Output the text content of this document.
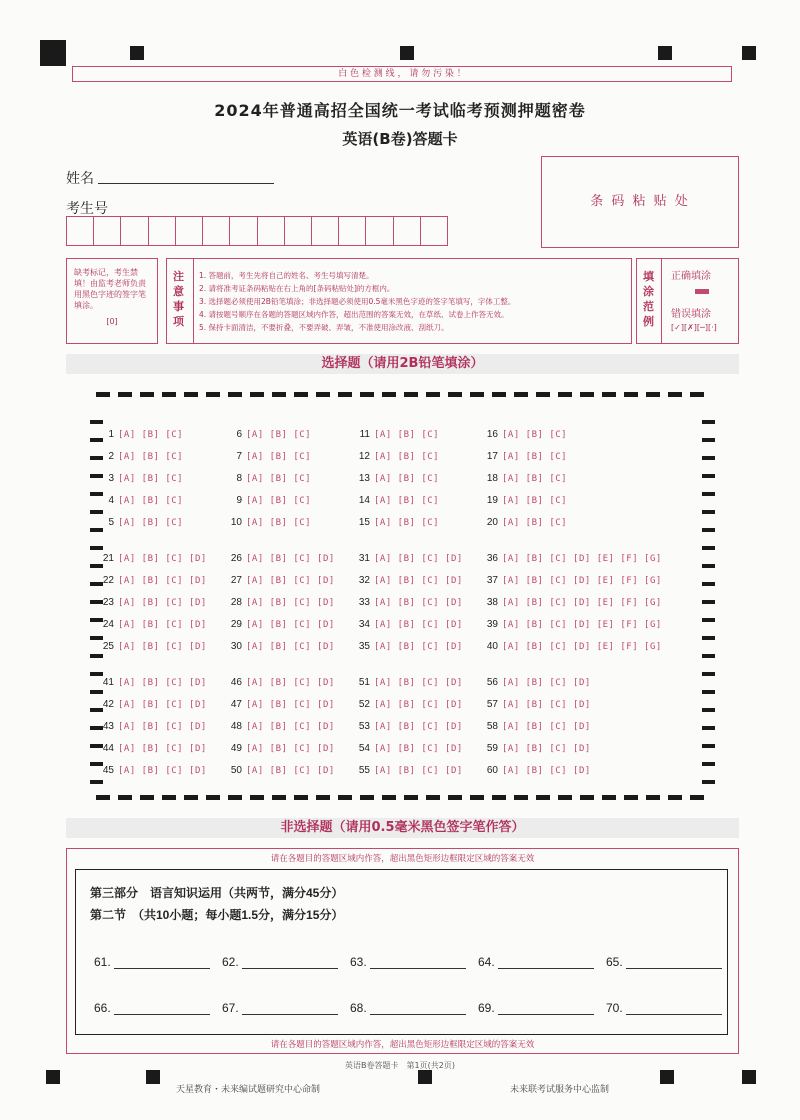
白 色 检 测 线 ， 请 勿 污 染 ！
2024年普通高招全国统一考试临考预测押题密卷
英语(B卷)答题卡
姓名
考生号	条 码 粘 贴 处
缺考标记，考生禁填！由监考老师负责用黑色字迹的签字笔填涂。
[0]
注意事项
1. 答题前，考生先将自己的姓名、考生号填写清楚。
2. 请将准考证条码粘贴在右上角的[条码粘贴处]的方框内。
3. 选择题必须使用2B铅笔填涂；非选择题必须使用0.5毫米黑色字迹的签字笔填写，字体工整。
4. 请按题号顺序在各题的答题区域内作答，超出范围的答案无效，在草纸、试卷上作答无效。
5. 保持卡面清洁，不要折叠，不要弄破、弄皱，不准使用涂改液、刮纸刀。
填涂范例
正确填涂
错误填涂
[✓][✗][─][·]
选择题（请用2B铅笔填涂）
1 [A] [B] [C]
2 [A] [B] [C]
3 [A] [B] [C]
4 [A] [B] [C]
5 [A] [B] [C]
6 [A] [B] [C]
7 [A] [B] [C]
8 [A] [B] [C]
9 [A] [B] [C]
10 [A] [B] [C]
11 [A] [B] [C]
12 [A] [B] [C]
13 [A] [B] [C]
14 [A] [B] [C]
15 [A] [B] [C]
16 [A] [B] [C]
17 [A] [B] [C]
18 [A] [B] [C]
19 [A] [B] [C]
20 [A] [B] [C]
21 [A] [B] [C] [D]
22 [A] [B] [C] [D]
23 [A] [B] [C] [D]
24 [A] [B] [C] [D]
25 [A] [B] [C] [D]
26 [A] [B] [C] [D]
27 [A] [B] [C] [D]
28 [A] [B] [C] [D]
29 [A] [B] [C] [D]
30 [A] [B] [C] [D]
31 [A] [B] [C] [D]
32 [A] [B] [C] [D]
33 [A] [B] [C] [D]
34 [A] [B] [C] [D]
35 [A] [B] [C] [D]
36 [A] [B] [C] [D] [E] [F] [G]
37 [A] [B] [C] [D] [E] [F] [G]
38 [A] [B] [C] [D] [E] [F] [G]
39 [A] [B] [C] [D] [E] [F] [G]
40 [A] [B] [C] [D] [E] [F] [G]
41 [A] [B] [C] [D]
42 [A] [B] [C] [D]
43 [A] [B] [C] [D]
44 [A] [B] [C] [D]
45 [A] [B] [C] [D]
46 [A] [B] [C] [D]
47 [A] [B] [C] [D]
48 [A] [B] [C] [D]
49 [A] [B] [C] [D]
50 [A] [B] [C] [D]
51 [A] [B] [C] [D]
52 [A] [B] [C] [D]
53 [A] [B] [C] [D]
54 [A] [B] [C] [D]
55 [A] [B] [C] [D]
56 [A] [B] [C] [D]
57 [A] [B] [C] [D]
58 [A] [B] [C] [D]
59 [A] [B] [C] [D]
60 [A] [B] [C] [D]
非选择题（请用0.5毫米黑色签字笔作答）
请在各题目的答题区域内作答，超出黑色矩形边框限定区域的答案无效
第三部分　语言知识运用（共两节，满分45分）
第二节　（共10小题；每小题1.5分，满分15分）
61.	62.	63.	64.	65.
66.	67.	68.	69.	70.
请在各题目的答题区域内作答，超出黑色矩形边框限定区域的答案无效
英语B卷答题卡　第1页(共2页)
天星教育・未来编试题研究中心命制	未来联考试服务中心监制
